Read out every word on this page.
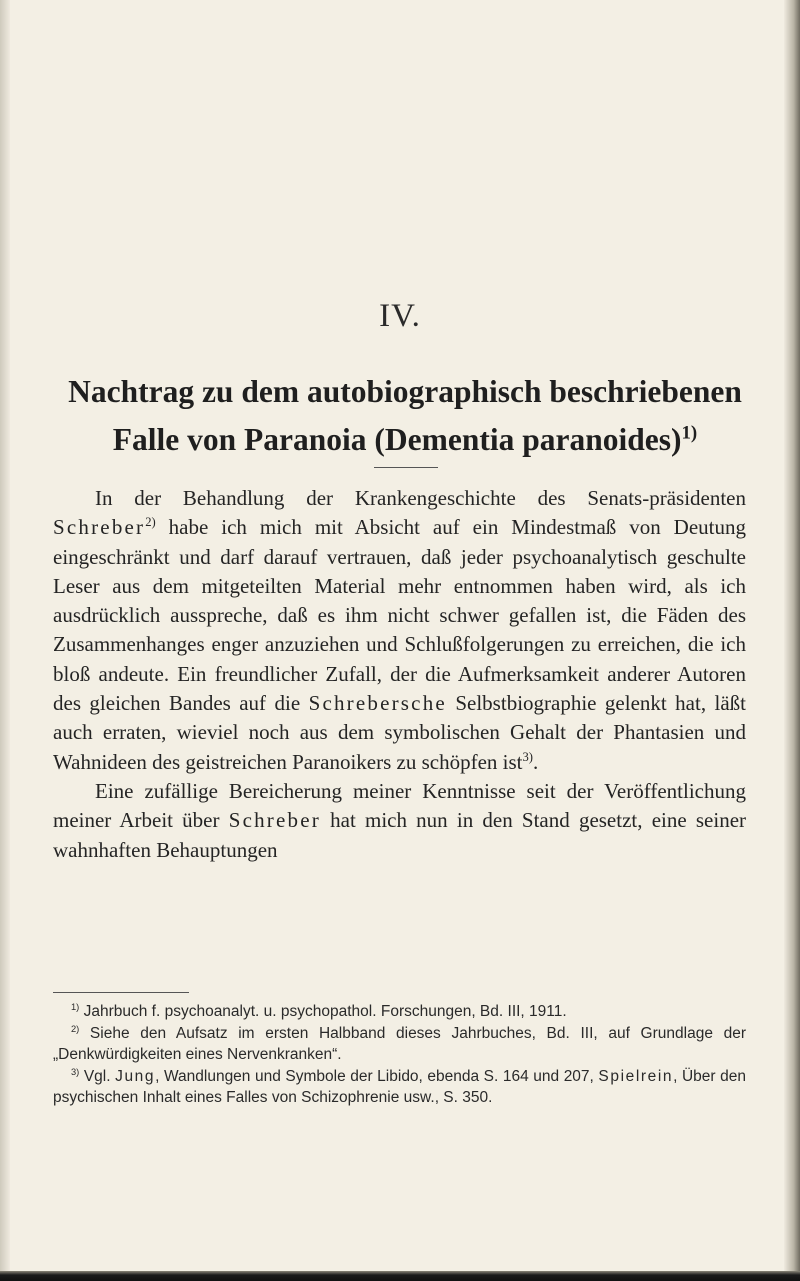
IV.
Nachtrag zu dem autobiographisch beschriebenen
Falle von Paranoia (Dementia paranoides)$^{1)}$

In der Behandlung der Krankengeschichte des Senats-präsidenten Schreber$^{2)}$ habe ich mich mit Absicht auf ein Mindestmaß von Deutung eingeschränkt und darf darauf vertrauen, daß jeder psychoanalytisch geschulte Leser aus dem mitgeteilten Material mehr entnommen haben wird, als ich ausdrücklich ausspreche, daß es ihm nicht schwer gefallen ist, die Fäden des Zusammenhanges enger anzuziehen und Schlußfolgerungen zu erreichen, die ich bloß andeute. Ein freundlicher Zufall, der die Aufmerksamkeit anderer Autoren des gleichen Bandes auf die Schrebersche Selbstbiographie gelenkt hat, läßt auch erraten, wieviel noch aus dem symbolischen Gehalt der Phantasien und Wahnideen des geistreichen Paranoikers zu schöpfen ist$^{3)}$.

Eine zufällige Bereicherung meiner Kenntnisse seit der Veröffentlichung meiner Arbeit über Schreber hat mich nun in den Stand gesetzt, eine seiner wahnhaften Behauptungen

$^{1)}$ Jahrbuch f. psychoanalyt. u. psychopathol. Forschungen, Bd. III, 1911.

$^{2)}$ Siehe den Aufsatz im ersten Halbband dieses Jahrbuches, Bd. III, auf Grundlage der „Denkwürdigkeiten eines Nervenkranken“.

$^{3)}$ Vgl. Jung, Wandlungen und Symbole der Libido, ebenda S. 164 und 207, Spielrein, Über den psychischen Inhalt eines Falles von Schizophrenie usw., S. 350.
